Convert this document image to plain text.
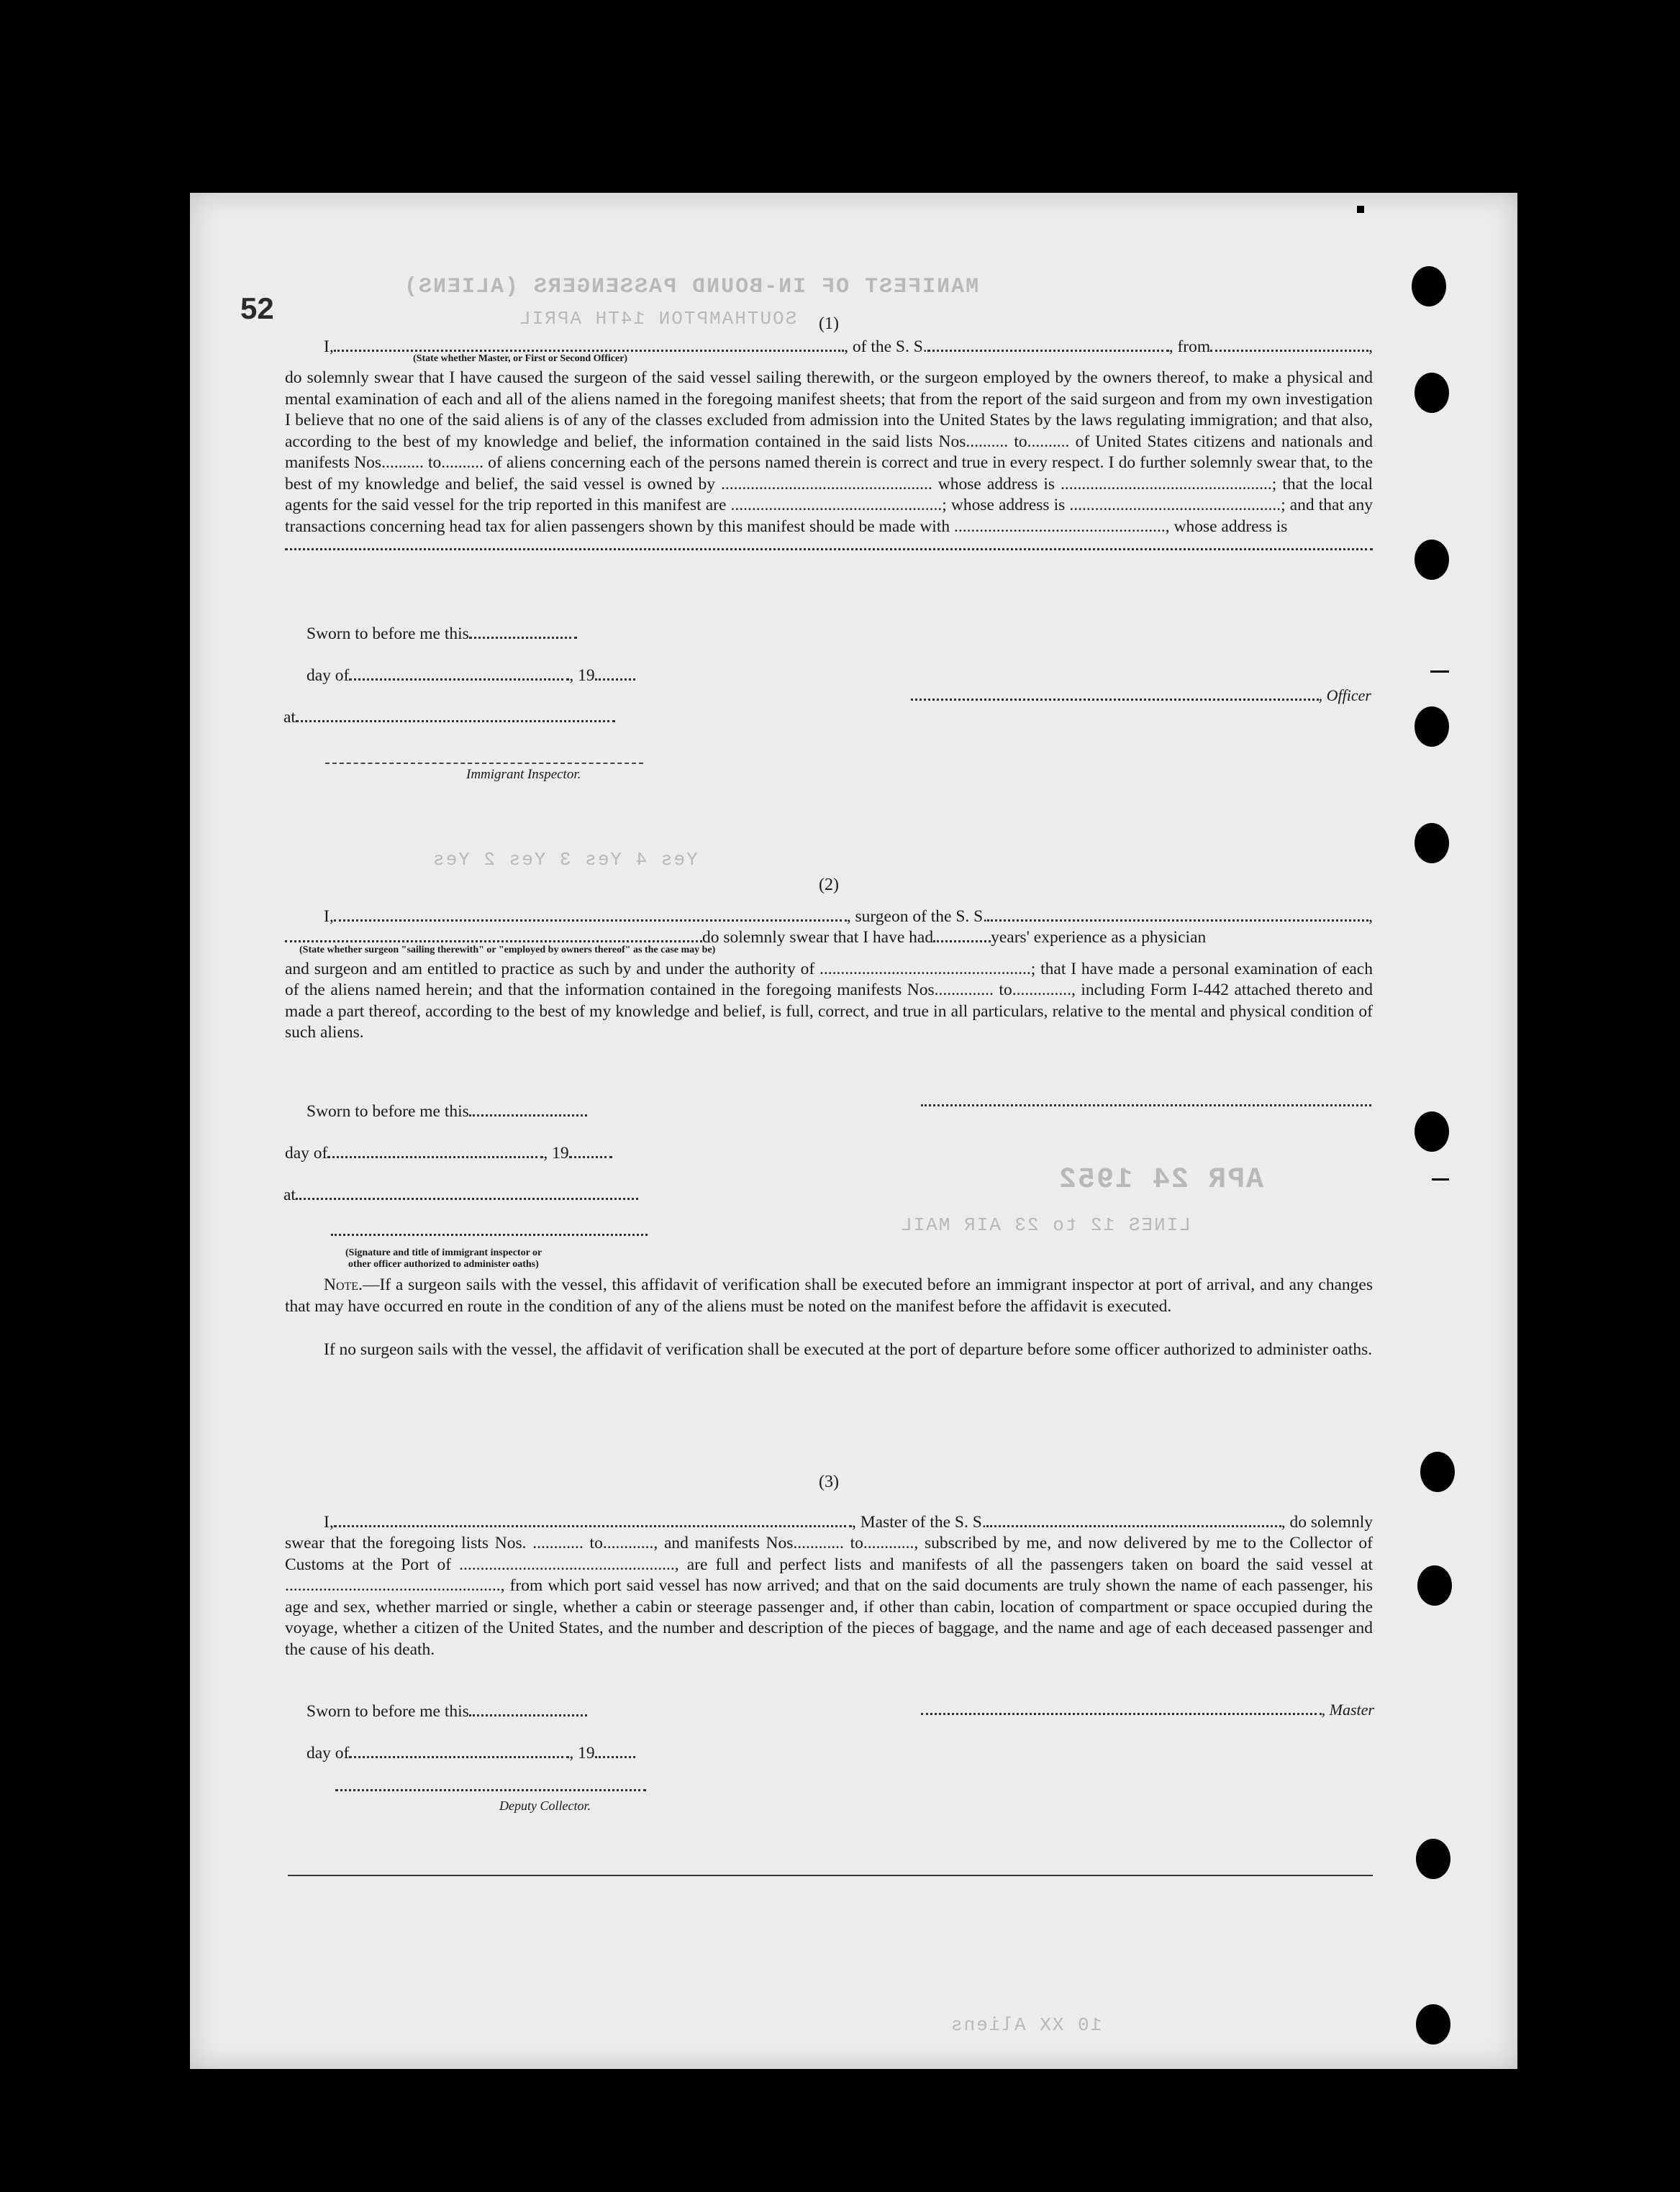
MANIFEST OF IN-BOUND PASSENGERS (ALIENS)
SOUTHAMPTON 14TH APRIL
Yes 4 Yes 3 Yes 2 Yes
APR 24 1952
LINES 12 to 23 AIR MAIL
10 XX Aliens
52	(1)
I,	, of the S. S.	, from	,
(State whether Master, or First or Second Officer)
do solemnly swear that I have caused the surgeon of the said vessel sailing therewith, or the surgeon employed by the owners thereof, to make a physical and mental examination of each and all of the aliens named in the foregoing manifest sheets; that from the report of the said surgeon and from my own investigation I believe that no one of the said aliens is of any of the classes excluded from admission into the United States by the laws regulating immigration; and that also, according to the best of my knowledge and belief, the information contained in the said lists Nos.......... to.......... of United States citizens and nationals and manifests Nos.......... to.......... of aliens concerning each of the persons named therein is correct and true in every respect. I do further solemnly swear that, to the best of my knowledge and belief, the said vessel is owned by .................................................. whose address is ..................................................; that the local agents for the said vessel for the trip reported in this manifest are ..................................................; whose address is ..................................................; and that any transactions concerning head tax for alien passengers shown by this manifest should be made with .................................................., whose address is
Sworn to before me this
day of	, 19
at
Immigrant Inspector.
, Officer
(2)
I,	, surgeon of the S. S.	,
do solemnly swear that I have had	years' experience as a physician
(State whether surgeon "sailing therewith" or "employed by owners thereof" as the case may be)
and surgeon and am entitled to practice as such by and under the authority of ..................................................; that I have made a personal examination of each of the aliens named herein; and that the information contained in the foregoing manifests Nos.............. to.............., including Form I-442 attached thereto and made a part thereof, according to the best of my knowledge and belief, is full, correct, and true in all particulars, relative to the mental and physical condition of such aliens.
Sworn to before me this
day of	, 19
at
(Signature and title of immigrant inspector or
other officer authorized to administer oaths)
Note.—If a surgeon sails with the vessel, this affidavit of verification shall be executed before an immigrant inspector at port of arrival, and any changes that may have occurred en route in the condition of any of the aliens must be noted on the manifest before the affidavit is executed.
If no surgeon sails with the vessel, the affidavit of verification shall be executed at the port of departure before some officer authorized to administer oaths.
(3)
I,	, Master of the S. S.	, do solemnly
swear that the foregoing lists Nos. ............ to............, and manifests Nos............ to............, subscribed by me, and now delivered by me to the Collector of Customs at the Port of ..................................................., are full and perfect lists and manifests of all the passengers taken on board the said vessel at ..................................................., from which port said vessel has now arrived; and that on the said documents are truly shown the name of each passenger, his age and sex, whether married or single, whether a cabin or steerage passenger and, if other than cabin, location of compartment or space occupied during the voyage, whether a citizen of the United States, and the number and description of the pieces of baggage, and the name and age of each deceased passenger and the cause of his death.
Sworn to before me this
day of	, 19
Deputy Collector.
, Master
